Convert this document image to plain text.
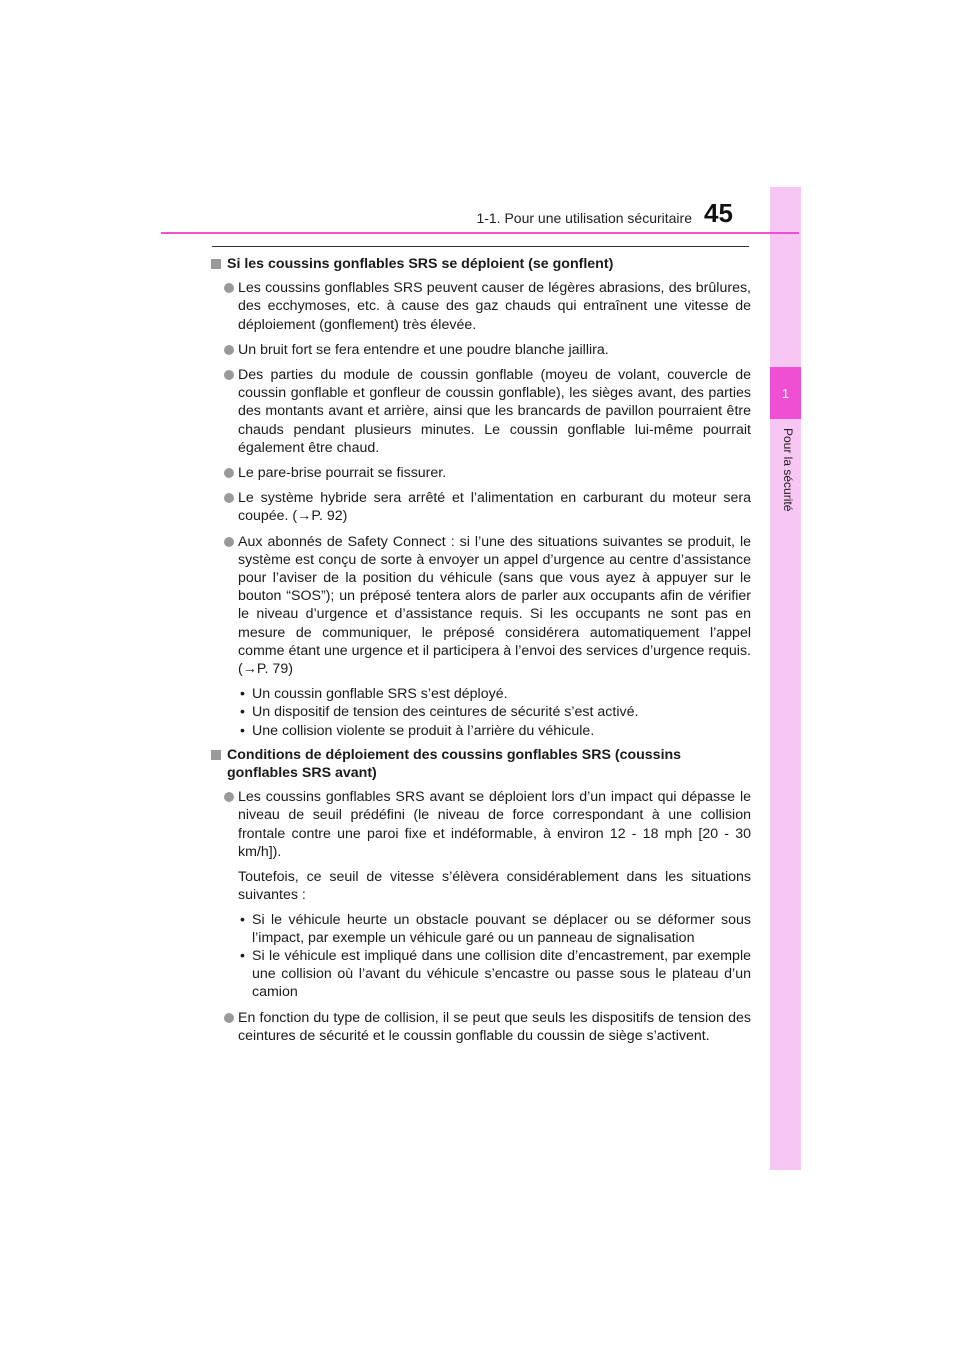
1
Pour la sécurité
1-1. Pour une utilisation sécuritaire 45
Si les coussins gonflables SRS se déploient (se gonflent)
Les coussins gonflables SRS peuvent causer de légères abrasions, des brûlures, des ecchymoses, etc. à cause des gaz chauds qui entraînent une vitesse de déploiement (gonflement) très élevée.
Un bruit fort se fera entendre et une poudre blanche jaillira.
Des parties du module de coussin gonflable (moyeu de volant, couvercle de coussin gonflable et gonfleur de coussin gonflable), les sièges avant, des parties des montants avant et arrière, ainsi que les brancards de pavillon pourraient être chauds pendant plusieurs minutes. Le coussin gonflable lui-même pourrait également être chaud.
Le pare-brise pourrait se fissurer.
Le système hybride sera arrêté et l’alimentation en carburant du moteur sera coupée. (→P. 92)
Aux abonnés de Safety Connect : si l’une des situations suivantes se produit, le système est conçu de sorte à envoyer un appel d’urgence au centre d’assistance pour l’aviser de la position du véhicule (sans que vous ayez à appuyer sur le bouton “SOS”); un préposé tentera alors de parler aux occupants afin de vérifier le niveau d’urgence et d’assistance requis. Si les occupants ne sont pas en mesure de communiquer, le préposé considérera automatiquement l’appel comme étant une urgence et il participera à l’envoi des services d’urgence requis. (→P. 79)
• Un coussin gonflable SRS s’est déployé.
• Un dispositif de tension des ceintures de sécurité s’est activé.
• Une collision violente se produit à l’arrière du véhicule.
Conditions de déploiement des coussins gonflables SRS (coussins gonflables SRS avant)
Les coussins gonflables SRS avant se déploient lors d’un impact qui dépasse le niveau de seuil prédéfini (le niveau de force correspondant à une collision frontale contre une paroi fixe et indéformable, à environ 12 - 18 mph [20 - 30 km/h]).
Toutefois, ce seuil de vitesse s’élèvera considérablement dans les situations suivantes :
• Si le véhicule heurte un obstacle pouvant se déplacer ou se déformer sous l’impact, par exemple un véhicule garé ou un panneau de signalisation
• Si le véhicule est impliqué dans une collision dite d’encastrement, par exemple une collision où l’avant du véhicule s’encastre ou passe sous le plateau d’un camion
En fonction du type de collision, il se peut que seuls les dispositifs de tension des ceintures de sécurité et le coussin gonflable du coussin de siège s’activent.
